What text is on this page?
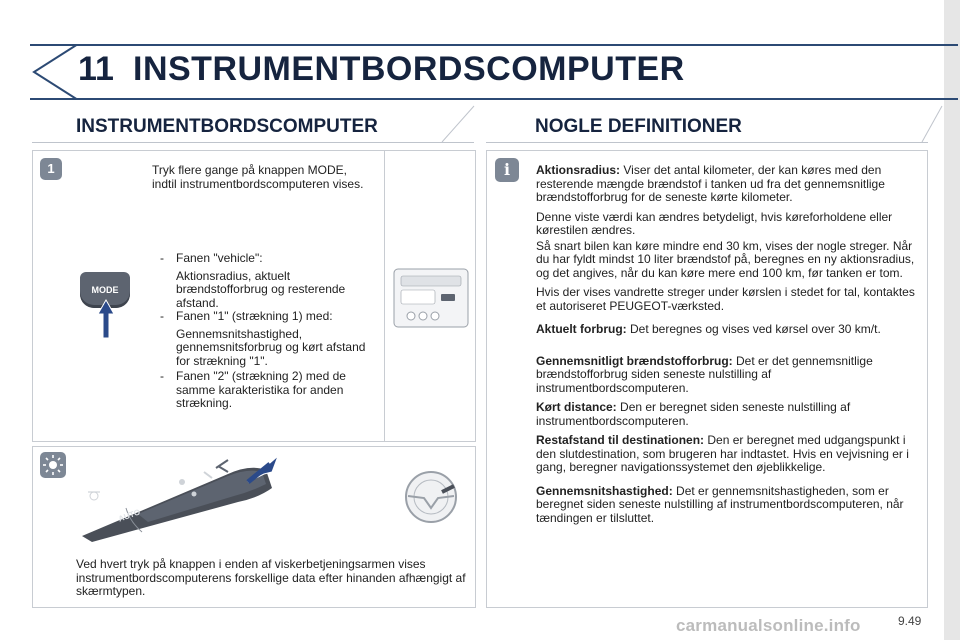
11 INSTRUMENTBORDSCOMPUTER
INSTRUMENTBORDSCOMPUTER	NOGLE DEFINITIONER
1	Tryk flere gange på knappen MODE, indtil instrumentbordscomputeren vises.
- Fanen "vehicle":
Aktionsradius, aktuelt brændstofforbrug og resterende afstand.
- Fanen "1" (strækning 1) med:
Gennemsnitshastighed, gennemsnitsforbrug og kørt afstand for strækning "1".
- Fanen "2" (strækning 2) med de samme karakteristika for anden strækning.
MODE
AUTO
Ved hvert tryk på knappen i enden af viskerbetjeningsarmen vises instrumentbordscomputerens forskellige data efter hinanden afhængigt af skærmtypen.
i	Aktionsradius: Viser det antal kilometer, der kan køres med den resterende mængde brændstof i tanken ud fra det gennemsnitlige brændstofforbrug for de seneste kørte kilometer.

Denne viste værdi kan ændres betydeligt, hvis køreforholdene eller kørestilen ændres.

Så snart bilen kan køre mindre end 30 km, vises der nogle streger. Når du har fyldt mindst 10 liter brændstof på, beregnes en ny aktionsradius, og det angives, når du kan køre mere end 100 km, før tanken er tom.

Hvis der vises vandrette streger under kørslen i stedet for tal, kontaktes et autoriseret PEUGEOT-værksted.

Aktuelt forbrug: Det beregnes og vises ved kørsel over 30 km/t.

Gennemsnitligt brændstofforbrug: Det er det gennemsnitlige brændstofforbrug siden seneste nulstilling af instrumentbordscomputeren.

Kørt distance: Den er beregnet siden seneste nulstilling af instrumentbordscomputeren.

Restafstand til destinationen: Den er beregnet med udgangspunkt i den slutdestination, som brugeren har indtastet. Hvis en vejvisning er i gang, beregner navigationssystemet den øjeblikkelige.

Gennemsnitshastighed: Det er gennemsnitshastigheden, som er beregnet siden seneste nulstilling af instrumentbordscomputeren, når tændingen er tilsluttet.

carmanualsonline.info	9.49
